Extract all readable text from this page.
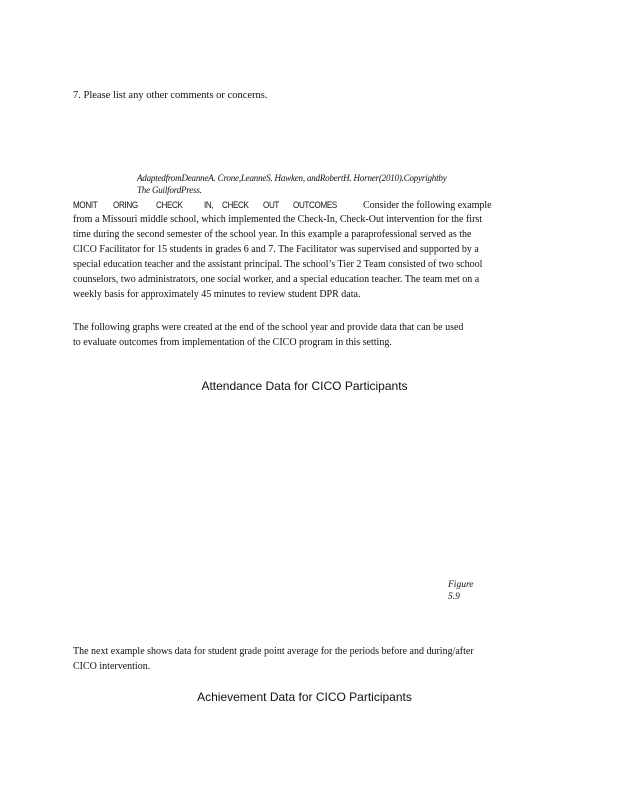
7. Please list any other comments or concerns.
AdaptedfromDeanneA. Crone,LeanneS. Hawken, andRobertH. Horner(2010).Copyrightby
The GuilfordPress.
MONIT ORING CHECK IN, CHECK OUT OUTCOMES	Consider the following example
from a Missouri middle school, which implemented the Check-In, Check-Out intervention for the first
time during the second semester of the school year. In this example a paraprofessional served as the
CICO Facilitator for 15 students in grades 6 and 7. The Facilitator was supervised and supported by a
special education teacher and the assistant principal. The school’s Tier 2 Team consisted of two school
counselors, two administrators, one social worker, and a special education teacher. The team met on a
weekly basis for approximately 45 minutes to review student DPR data.
The following graphs were created at the end of the school year and provide data that can be used
to evaluate outcomes from implementation of the CICO program in this setting.
Attendance Data for CICO Participants
Figure
5.9
The next example shows data for student grade point average for the periods before and during/after
CICO intervention.
Achievement Data for CICO Participants
